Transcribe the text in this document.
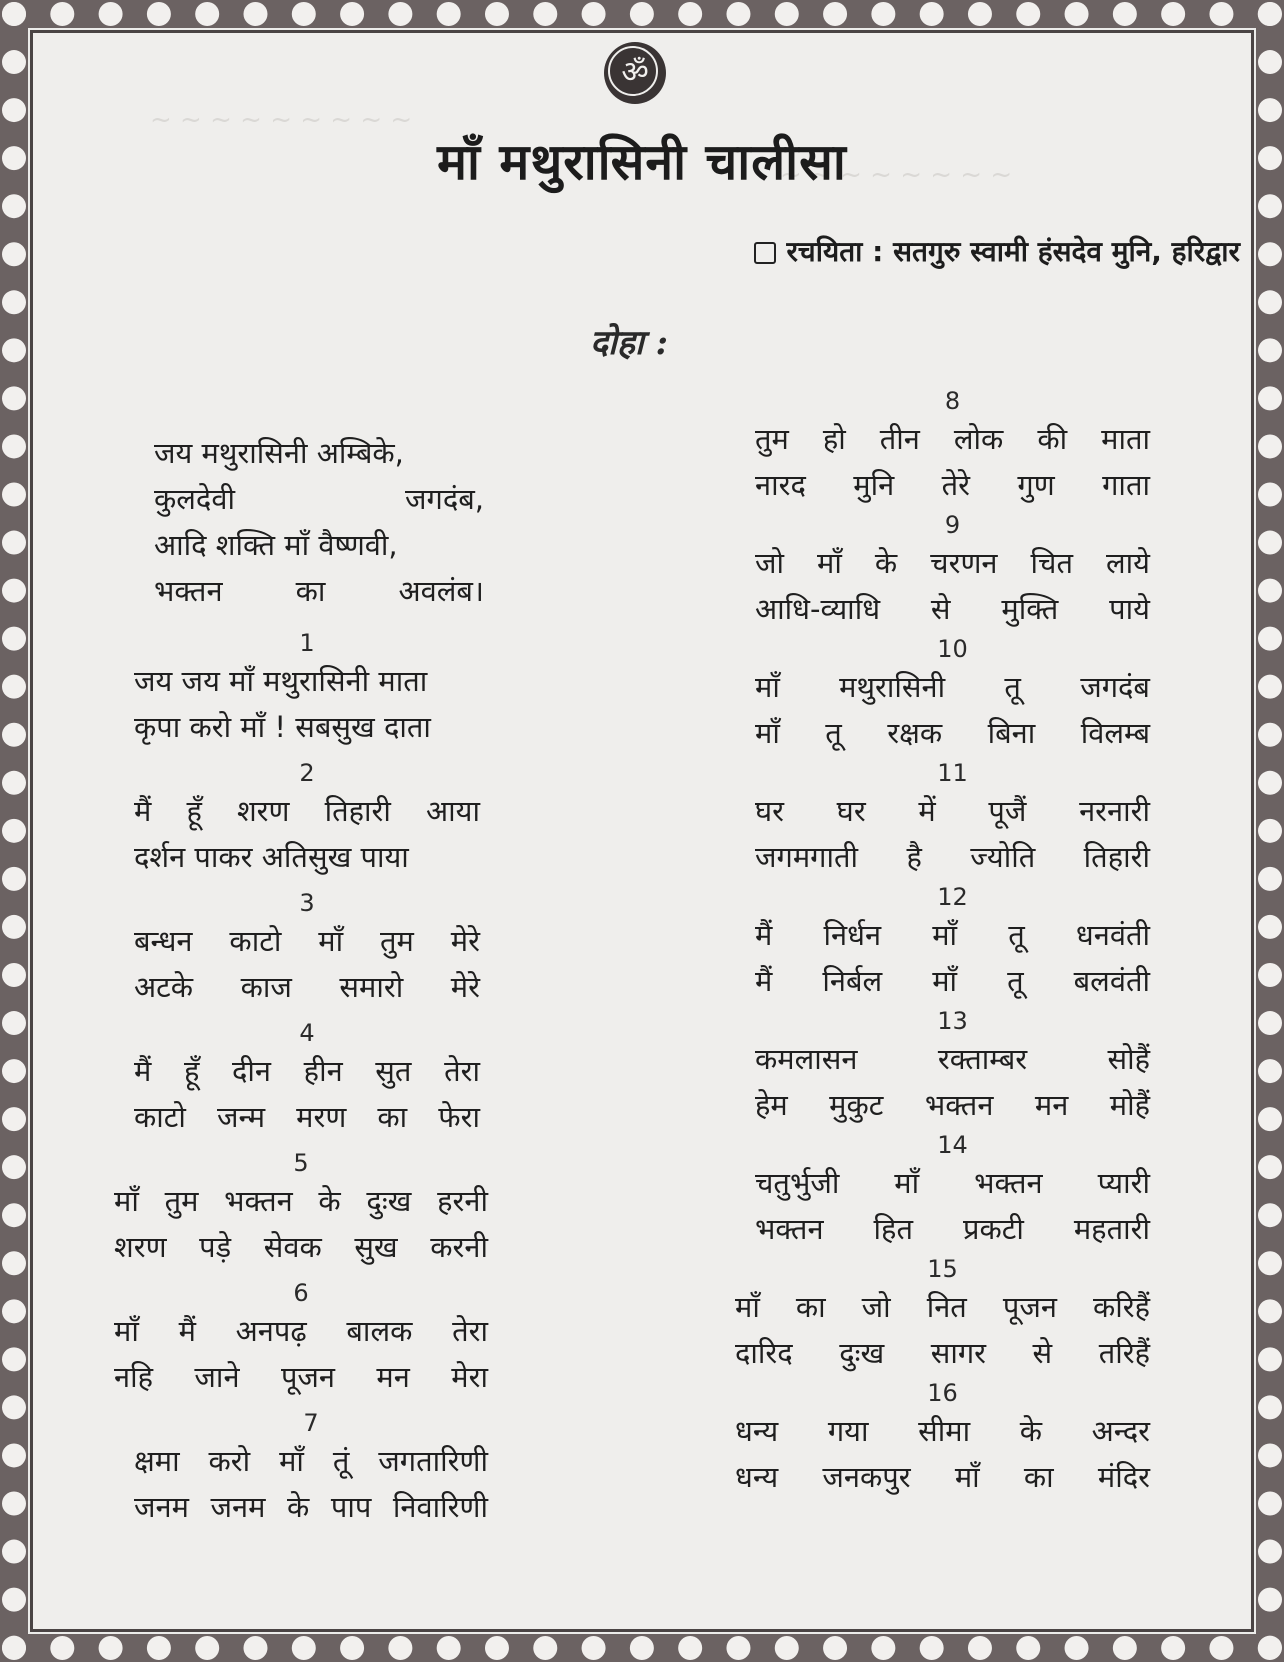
~ ~ ~ ~ ~ ~ ~ ~ ~
~ ~ ~ ~ ~ ~ ~ ~
ॐ
माँ मथुरासिनी चालीसा
रचयिता : सतगुरु स्वामी हंसदेव मुनि, हरिद्वार
दोहा :
जय मथुरासिनी अम्बिके,
कुलदेवी जगदंब,
आदि शक्ति माँ वैष्णवी,
भक्तन का अवलंब।
1
जय जय माँ मथुरासिनी माता
कृपा करो माँ ! सबसुख दाता
2
मैं हूँ शरण तिहारी आया
दर्शन पाकर अतिसुख पाया
3
बन्धन काटो माँ तुम मेरे
अटके काज समारो मेरे
4
मैं हूँ दीन हीन सुत तेरा
काटो जन्म मरण का फेरा
5
माँ तुम भक्तन के दुःख हरनी
शरण पड़े सेवक सुख करनी
6
माँ मैं अनपढ़ बालक तेरा
नहि जाने पूजन मन मेरा
7
क्षमा करो माँ तूं जगतारिणी
जनम जनम के पाप निवारिणी
8
तुम हो तीन लोक की माता
नारद मुनि तेरे गुण गाता
9
जो माँ के चरणन चित लाये
आधि-व्याधि से मुक्ति पाये
10
माँ मथुरासिनी तू जगदंब
माँ तू रक्षक बिना विलम्ब
11
घर घर में पूजैं नरनारी
जगमगाती है ज्योति तिहारी
12
मैं निर्धन माँ तू धनवंती
मैं निर्बल माँ तू बलवंती
13
कमलासन रक्ताम्बर सोहैं
हेम मुकुट भक्तन मन मोहैं
14
चतुर्भुजी माँ भक्तन प्यारी
भक्तन हित प्रकटी महतारी
15
माँ का जो नित पूजन करिहैं
दारिद दुःख सागर से तरिहैं
16
धन्य गया सीमा के अन्दर
धन्य जनकपुर माँ का मंदिर
